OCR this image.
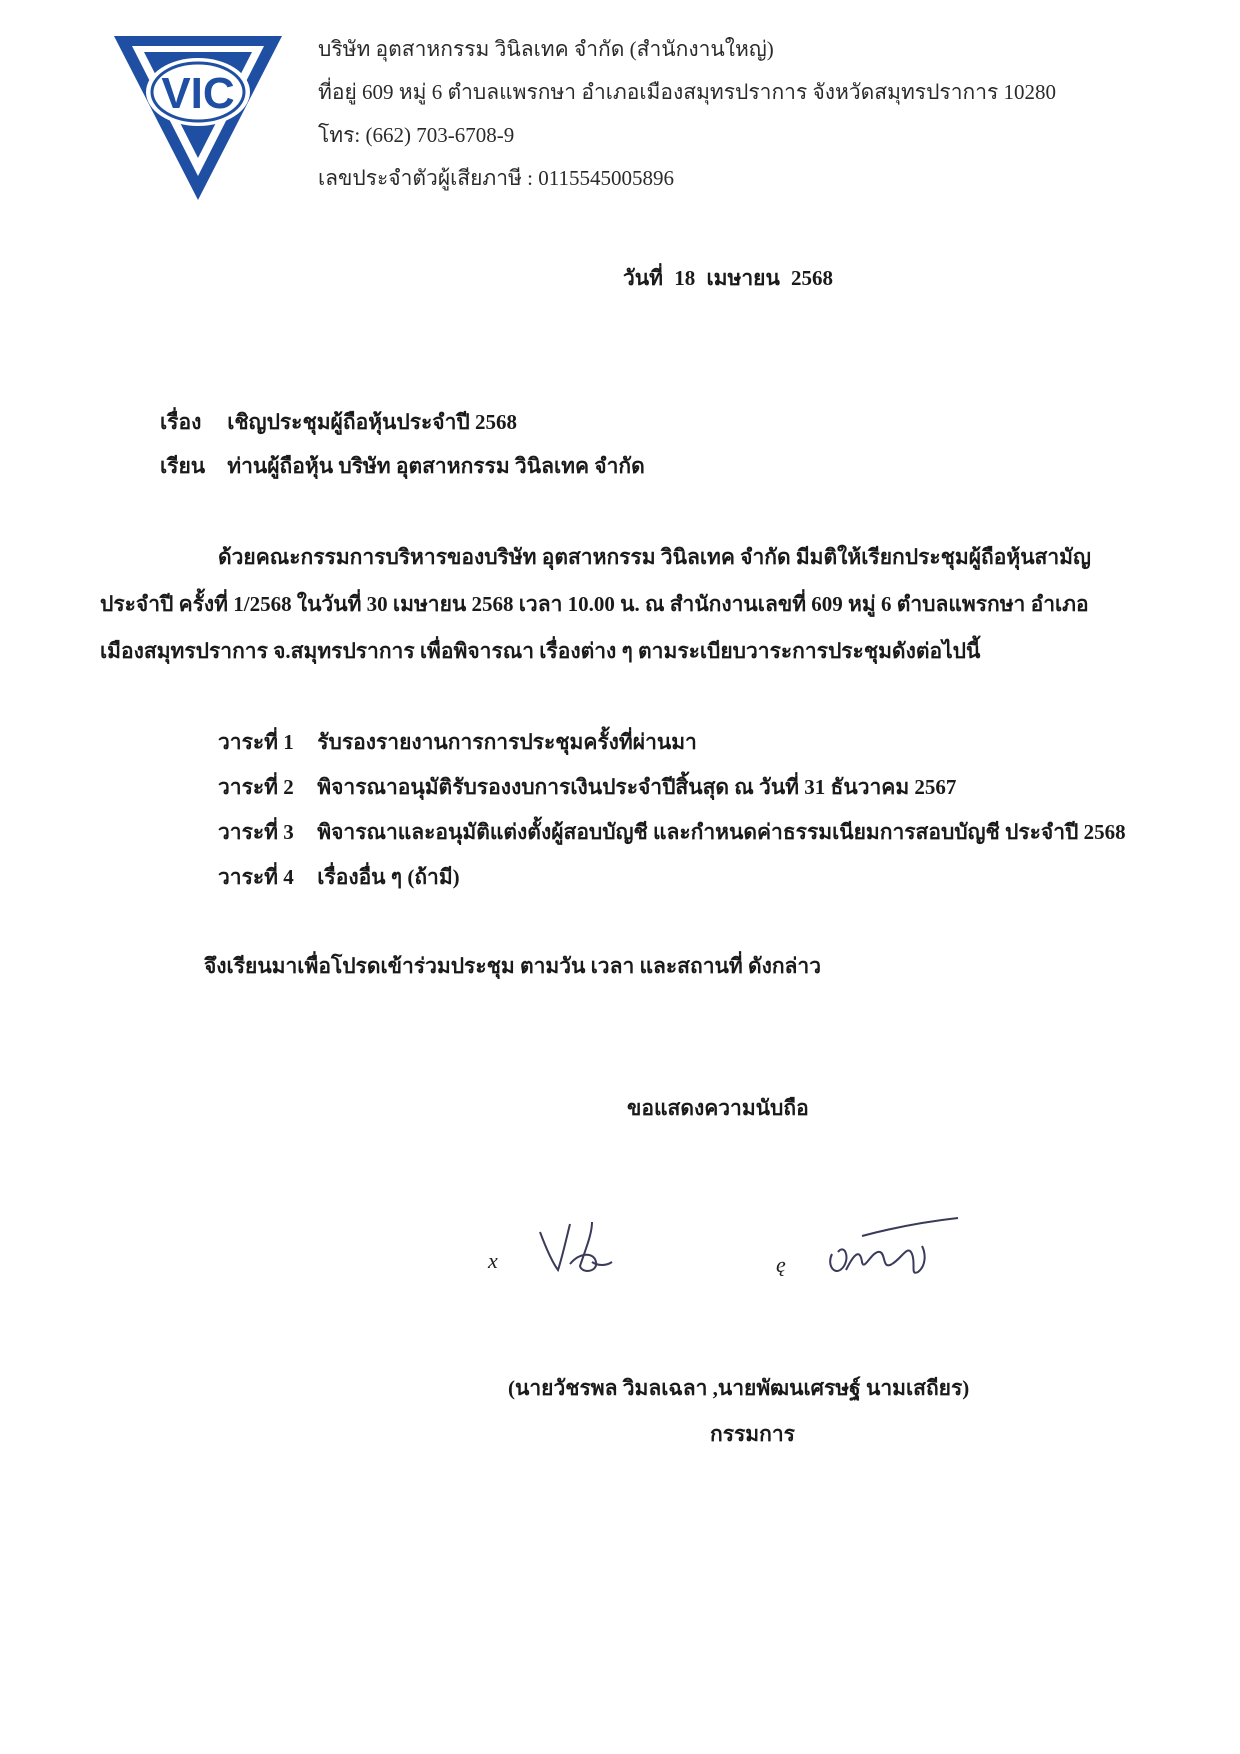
VIC
บริษัท อุตสาหกรรม วินิลเทค จำกัด (สำนักงานใหญ่)
ที่อยู่ 609 หมู่ 6 ตำบลแพรกษา อำเภอเมืองสมุทรปราการ จังหวัดสมุทรปราการ 10280
โทร: (662) 703-6708-9
เลขประจำตัวผู้เสียภาษี : 0115545005896
วันที่ 18 เมษายน 2568
เรื่อง เชิญประชุมผู้ถือหุ้นประจำปี 2568
เรียน ท่านผู้ถือหุ้น บริษัท อุตสาหกรรม วินิลเทค จำกัด
ด้วยคณะกรรมการบริหารของบริษัท อุตสาหกรรม วินิลเทค จำกัด มีมติให้เรียกประชุมผู้ถือหุ้นสามัญ
ประจำปี ครั้งที่ 1/2568 ในวันที่ 30 เมษายน 2568 เวลา 10.00 น. ณ สำนักงานเลขที่ 609 หมู่ 6 ตำบลแพรกษา อำเภอ
เมืองสมุทรปราการ จ.สมุทรปราการ เพื่อพิจารณา เรื่องต่าง ๆ ตามระเบียบวาระการประชุมดังต่อไปนี้
วาระที่ 1 รับรองรายงานการการประชุมครั้งที่ผ่านมา
วาระที่ 2 พิจารณาอนุมัติรับรองงบการเงินประจำปีสิ้นสุด ณ วันที่ 31 ธันวาคม 2567
วาระที่ 3 พิจารณาและอนุมัติแต่งตั้งผู้สอบบัญชี และกำหนดค่าธรรมเนียมการสอบบัญชี ประจำปี 2568
วาระที่ 4 เรื่องอื่น ๆ (ถ้ามี)
จึงเรียนมาเพื่อโปรดเข้าร่วมประชุม ตามวัน เวลา และสถานที่ ดังกล่าว
ขอแสดงความนับถือ
x	ę
(นายวัชรพล วิมลเฉลา ,นายพัฒนเศรษฐ์ นามเสถียร)
กรรมการ
